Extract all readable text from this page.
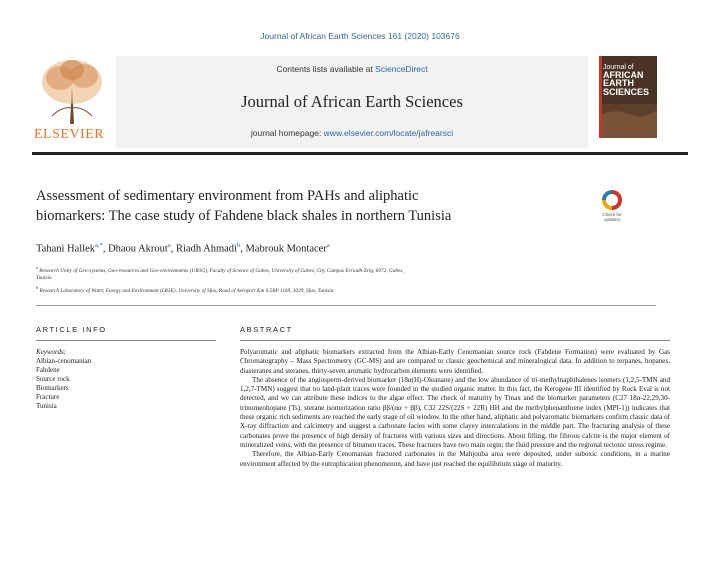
Journal of African Earth Sciences 161 (2020) 103676
ELSEVIER
Contents lists available at ScienceDirect
Journal of African Earth Sciences
journal homepage: www.elsevier.com/locate/jafrearsci
Journal of
AFRICAN
EARTH
SCIENCES
Assessment of sedimentary environment from PAHs and aliphatic
biomarkers: The case study of Fahdene black shales in northern Tunisia	Check for
updates
Tahani Hallek$^{a,*}$, Dhaou Akrout$^a$, Riadh Ahmadi$^b$, Mabrouk Montacer$^a$
$^a$ Research Unity of Geo-systems, Geo-resources and Geo-environments (UR3G), Faculty of Science of Gabes, University of Gabes, City Campus Erriadh-Zrig, 6072, Gabes,
Tunisia
$^b$ Research Laboratory of Water, Energy and Environment (LR3E), University of Sfax, Road of Aeroport Km 0.5BP 1169, 3029, Sfax, Tunisia
ARTICLE INFO	ABSTRACT
Keywords:
Albian-cenomanian
Fahdene
Source rock
Biomarkers
Fracture
Tunisia

Polyaromatic and aliphatic biomarkers extracted from the Albian-Early Cenomanian source rock (Fahdene Formation) were evaluated by Gas Chromatography – Mass Spectrometry (GC-MS) and are compared to classic geochemical and mineralogical data. In addition to terpanes, hopanes, diasteranes and steranes, thirty-seven aromatic hydrocarbon elements were identified.

The absence of the angiosperm-derived biomarker (18α(H)-Oleanane) and the low abundance of tri-methylnaphthalenes isomers (1,2,5-TMN and 1,2,7-TMN) suggest that no land-plant traces were founded in the studied organic matter. In this fact, the Kerogene III identified by Rock Eval is not detected, and we can attribute these indices to the algae effect. The check of maturity by Tmax and the biomarker parameters (C27 18α-22,29,30-trinorneohopane (Ts), sterane isomerization ratio ββ/(αα + ββ), C32 22S/(22S + 22R) HH and the methylphenanthrene index (MPI-1)) indicates that these organic rich sediments are reached the early stage of oil window. In the other hand, aliphatic and polyaromatic biomarkers confirm classic data of X-ray diffraction and calcimetry and suggest a carbonate facies with some clayey intercalations in the middle part. The fracturing analysis of these carbonates prove the presence of high density of fractures with various sizes and directions. About filling, the fibrous calcite is the major element of mineralized veins, with the presence of bitumen traces. These fractures have two main orgin; the fluid pressure and the regional tectonic stress regime.

Therefore, the Albian-Early Cenomanian fractured carbonates in the Mahjouba area were deposited, under suboxic conditions, in a marine environment affected by the eutrophication phenomenon, and have just reached the equilibrium stage of maturity.
